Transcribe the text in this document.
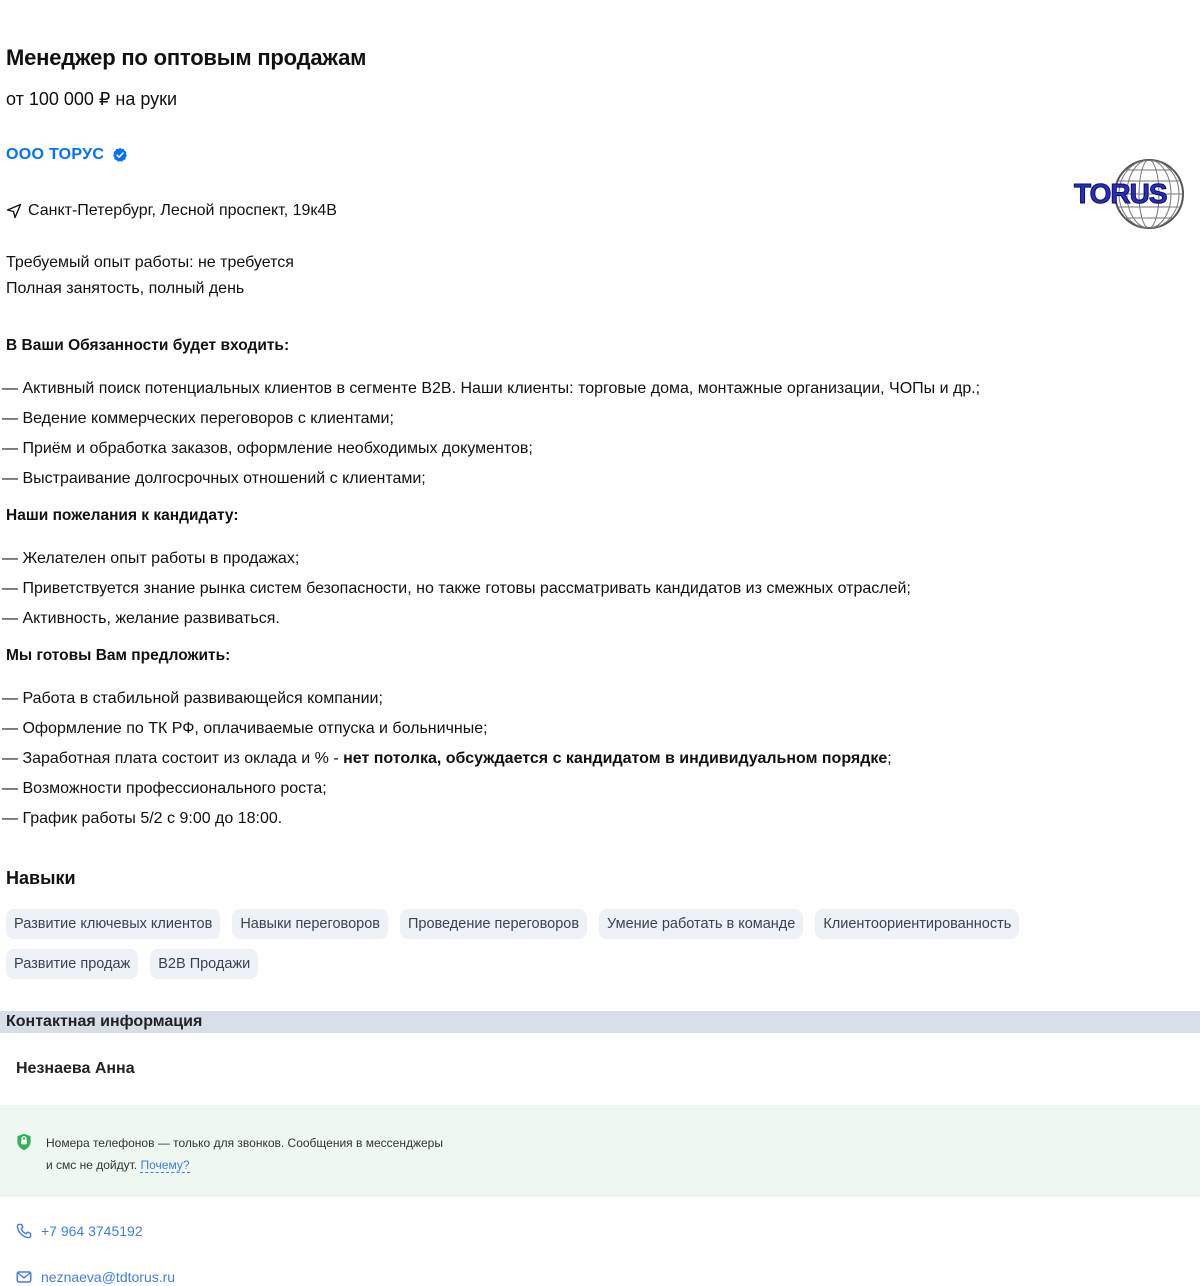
Менеджер по оптовым продажам
от 100 000 ₽ на руки
ООО ТОРУС
TORUS
Санкт-Петербург, Лесной проспект, 19к4В
Требуемый опыт работы: не требуется
Полная занятость, полный день
В Ваши Обязанности будет входить:
— Активный поиск потенциальных клиентов в сегменте B2B. Наши клиенты: торговые дома, монтажные организации, ЧОПы и др.;
— Ведение коммерческих переговоров с клиентами;
— Приём и обработка заказов, оформление необходимых документов;
— Выстраивание долгосрочных отношений с клиентами;
Наши пожелания к кандидату:
— Желателен опыт работы в продажах;
— Приветствуется знание рынка систем безопасности, но также готовы рассматривать кандидатов из смежных отраслей;
— Активность, желание развиваться.
Мы готовы Вам предложить:
— Работа в стабильной развивающейся компании;
— Оформление по ТК РФ, оплачиваемые отпуска и больничные;
— Заработная плата состоит из оклада и % - нет потолка, обсуждается с кандидатом в индивидуальном порядке;
— Возможности профессионального роста;
— График работы 5/2 с 9:00 до 18:00.
Навыки
Развитие ключевых клиентов	Навыки переговоров	Проведение переговоров	Умение работать в команде	Клиентоориентированность
Развитие продаж	B2B Продажи
Контактная информация
Незнаева Анна
Номера телефонов — только для звонков. Сообщения в мессенджеры
и смс не дойдут. Почему?
+7 964 3745192
neznaeva@tdtorus.ru
